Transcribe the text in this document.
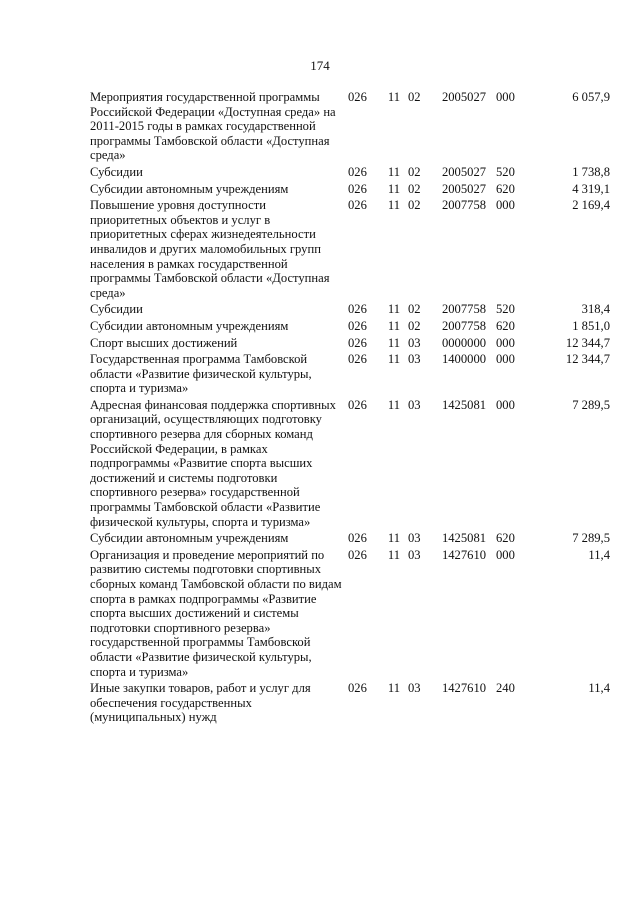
174
Мероприятия государственной программы Российской Федерации «Доступная среда» на 2011-2015 годы в рамках государственной программы Тамбовской области «Доступная среда»	026	11	02	2005027	000	6 057,9
Субсидии	026	11	02	2005027	520	1 738,8
Субсидии автономным учреждениям	026	11	02	2005027	620	4 319,1
Повышение уровня доступности приоритетных объектов и услуг в приоритетных сферах жизнедеятельности инвалидов и других маломобильных групп населения в рамках государственной программы Тамбовской области «Доступная среда»	026	11	02	2007758	000	2 169,4
Субсидии	026	11	02	2007758	520	318,4
Субсидии автономным учреждениям	026	11	02	2007758	620	1 851,0
Спорт высших достижений	026	11	03	0000000	000	12 344,7
Государственная программа Тамбовской области «Развитие физической культуры, спорта и туризма»	026	11	03	1400000	000	12 344,7
Адресная финансовая поддержка спортивных организаций, осуществляющих подготовку спортивного резерва для сборных команд Российской Федерации, в рамках подпрограммы «Развитие спорта высших достижений и системы подготовки спортивного резерва» государственной программы Тамбовской области «Развитие физической культуры, спорта и туризма»	026	11	03	1425081	000	7 289,5
Субсидии автономным учреждениям	026	11	03	1425081	620	7 289,5
Организация и проведение мероприятий по развитию системы подготовки спортивных сборных команд Тамбовской области по видам спорта в рамках подпрограммы «Развитие спорта высших достижений и системы подготовки спортивного резерва» государственной программы Тамбовской области «Развитие физической культуры, спорта и туризма»	026	11	03	1427610	000	11,4
Иные закупки товаров, работ и услуг для обеспечения государственных (муниципальных) нужд	026	11	03	1427610	240	11,4
